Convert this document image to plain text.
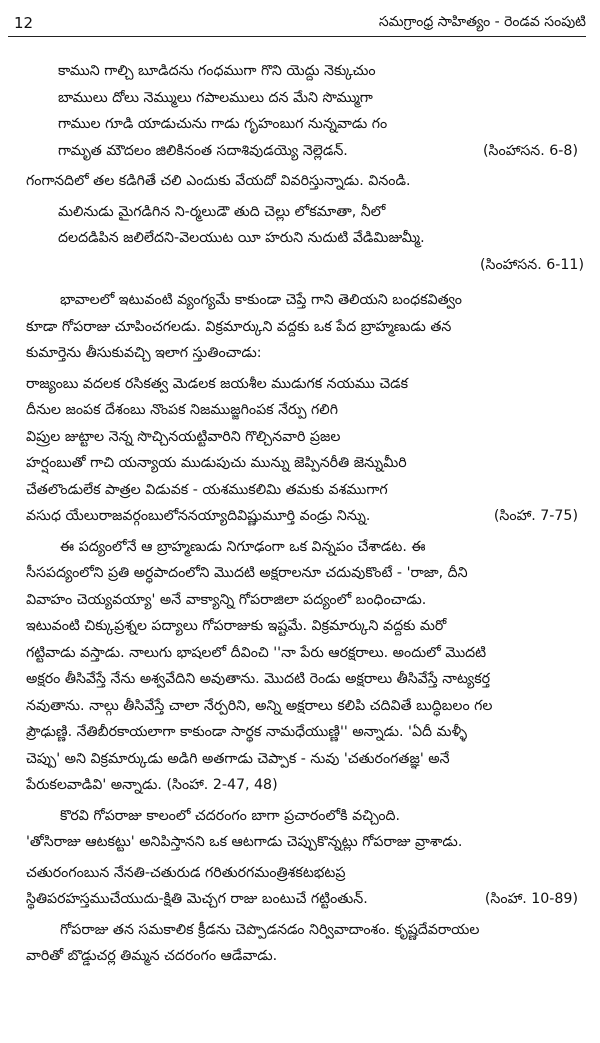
12	సమగ్రాంధ్ర సాహిత్యం - రెండవ సంపుటి
కాముని గాల్చి బూడిదను గంధముగా గొని యెద్దు నెక్కుచుం
బాములు దోలు నెమ్ములు గపాలములు దన మేని సొమ్ముగా
గాముల గూడి యాడుచును గాడు గృహంబుగ నున్నవాడు గం
గామృత మౌదలం జిలికినంత సదాశివుడయ్యె నెల్లెడన్.	(సింహాసన. 6-8)
గంగానదిలో తల కడిగితే చలి ఎందుకు వేయదో వివరిస్తున్నాడు. వినండి.
మలినుడు మైగడిగిన ని-ర్మలుడౌ తుది చెల్లు లోకమాతా, నీలో
దలదడిపిన జలిలేదని-వెలయుట యీ హరుని నుదుటి వేడిమిజుమ్మీ.
(సింహాసన. 6-11)
భావాలలో ఇటువంటి వ్యంగ్యమే కాకుండా చెప్తే గాని తెలియని బంధకవిత్వం
కూడా గోపరాజు చూపించగలడు. విక్రమార్కుని వద్దకు ఒక పేద బ్రాహ్మణుడు తన
కుమార్తెను తీసుకువచ్చి ఇలాగ స్తుతించాడు:
రాజ్యంబు వదలక రసికత్వ మెడలక జయశీల ముడుగక నయము చెడక
దీనుల జంపక దేశంబు నొంపక నిజముజ్జగింపక నేర్పు గలిగి
విప్రుల జుట్టాల నెన్న సొచ్చినయట్టివారిని గొల్చినవారి ప్రజల
హర్షంబుతో గాచి యన్యాయ ముడుపుచు మున్ను జెప్పినరీతి జెన్నుమీరి
చేతలొండులేక పాత్రల విడువక - యశముకలిమి తమకు వశముగాగ
వసుధ యేలురాజవర్గంబులోననయ్యాదివిష్ణుమూర్తి వండ్రు నిన్ను.	(సింహా. 7-75)
ఈ పద్యంలోనే ఆ బ్రాహ్మణుడు నిగూఢంగా ఒక విన్నపం చేశాడట. ఈ
సీసపద్యంలోని ప్రతి అర్ధపాదంలోని మొదటి అక్షరాలనూ చదువుకొంటే - 'రాజా, దీని
వివాహం చెయ్యవయ్యా' అనే వాక్యాన్ని గోపరాజిలా పద్యంలో బంధించాడు.
ఇటువంటి చిక్కుప్రశ్నల పద్యాలు గోపరాజుకు ఇష్టమే. విక్రమార్కుని వద్దకు మరో
గట్టివాడు వస్తాడు. నాలుగు భాషలలో దీవించి ''నా పేరు ఆరక్షరాలు. అందులో మొదటి
అక్షరం తీసివేస్తే నేను అశ్వవేదిని అవుతాను. మొదటి రెండు అక్షరాలు తీసివేస్తే నాట్యకర్త
నవుతాను. నాల్గు తీసివేస్తే చాలా నేర్పరిని, అన్ని అక్షరాలు కలిపి చదివితే బుద్ధిబలం గల
ప్రౌఢుణ్ణి. నేతిబీరకాయలాగా కాకుండా సార్థక నామధేయుణ్ణి'' అన్నాడు. 'ఏదీ మళ్ళీ
చెప్పు' అని విక్రమార్కుడు అడిగి అతగాడు చెప్పాక - నువు 'చతురంగతజ్ఞ' అనే
పేరుకలవాడివి' అన్నాడు. (సింహా. 2-47, 48)
కొరవి గోపరాజు కాలంలో చదరంగం బాగా ప్రచారంలోకి వచ్చింది.
'తోసిరాజు ఆటకట్టు' అనిపిస్తానని ఒక ఆటగాడు చెప్పుకొన్నట్లు గోపరాజు వ్రాశాడు.
చతురంగంబున నేనతి-చతురుడ గరితురగమంత్రిశకటభటప్ర
స్థితిపరహస్తముచేయుదు-క్షితి మెచ్చగ రాజు బంటుచే గట్టింతున్.	(సింహా. 10-89)
గోపరాజు తన సమకాలిక క్రీడను చెప్పొడనడం నిర్వివాదాంశం. కృష్ణదేవరాయల
వారితో బొడ్డుచర్ల తిమ్మన చదరంగం ఆడేవాడు.
